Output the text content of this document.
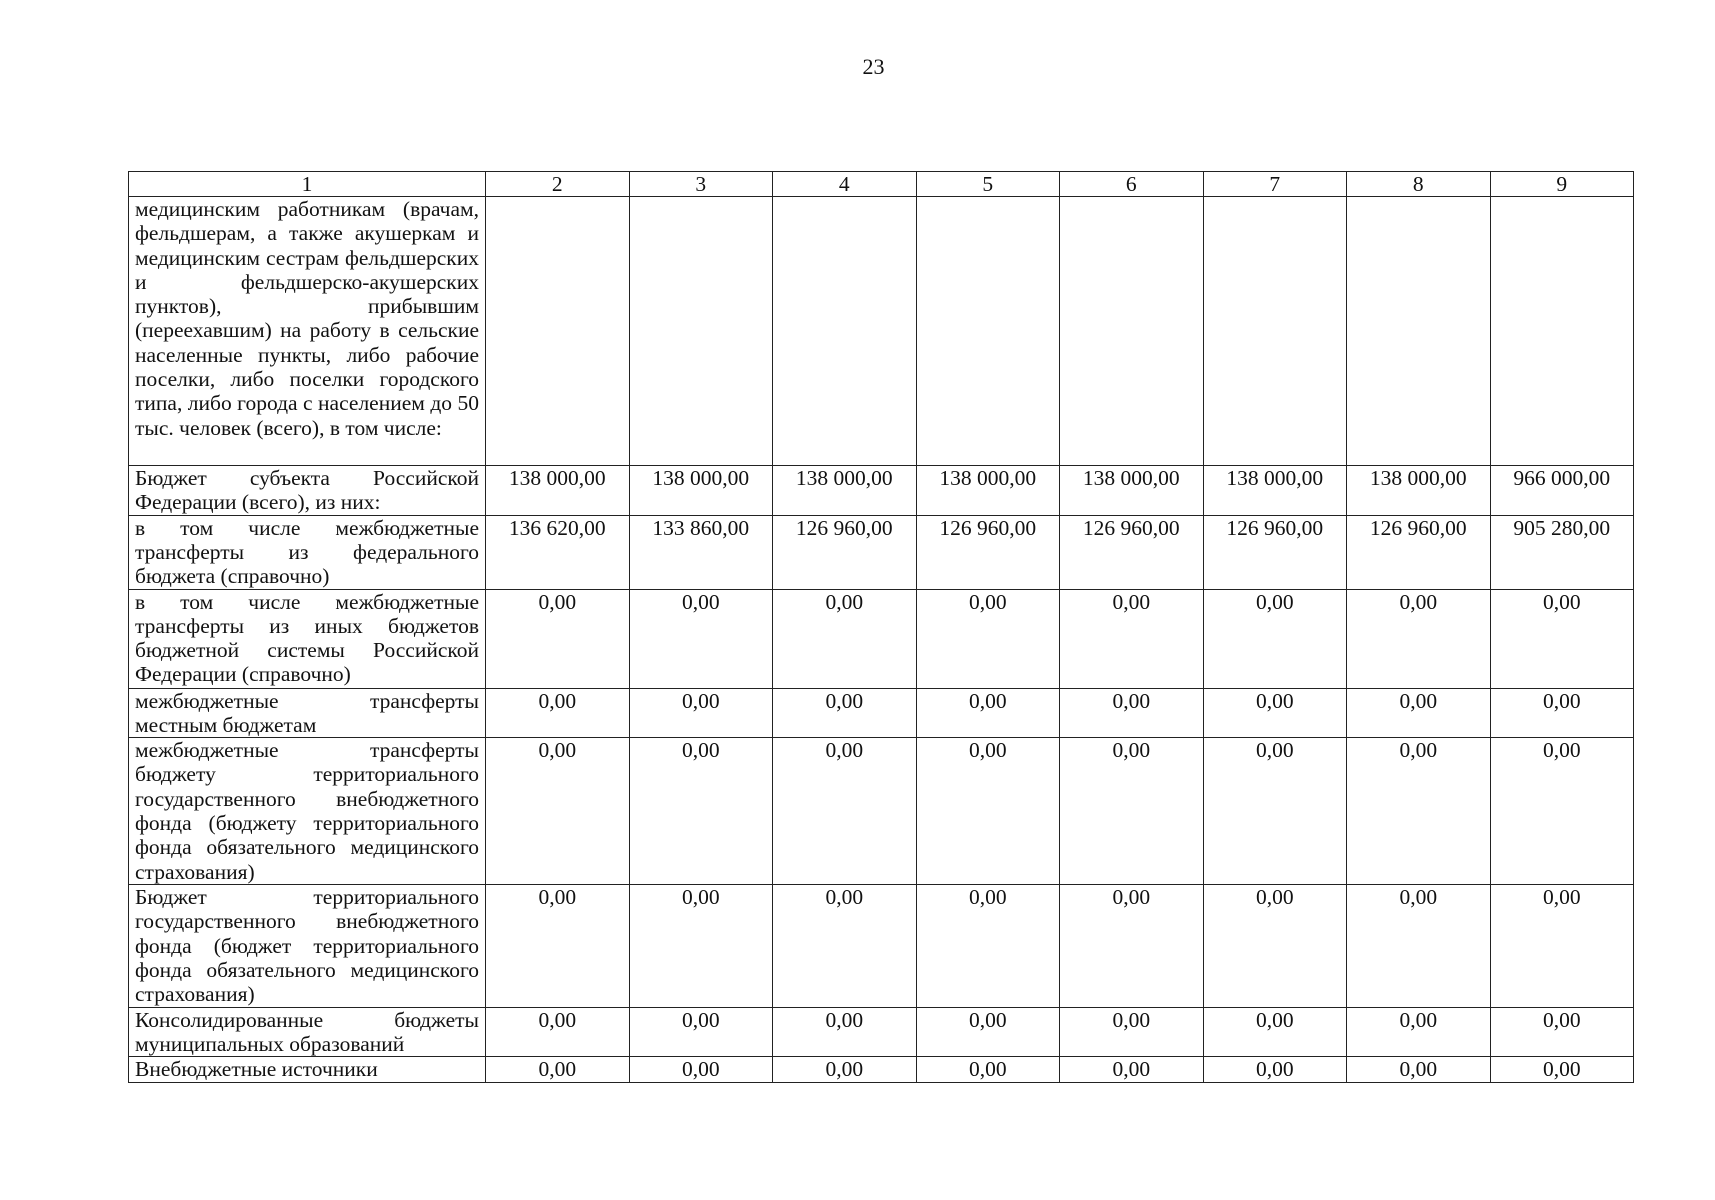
23
1	2	3	4	5	6	7	8	9
медицинским работникам (врачам, фельдшерам, а также акушеркам и медицинским сестрам фельдшерских и фельдшерско-акушерских пунктов), прибывшим (переехавшим) на работу в сельские населенные пункты, либо рабочие поселки, либо поселки городского типа, либо города с населением до 50 тыс. человек (всего), в том числе:								
Бюджет субъекта Российской Федерации (всего), из них:	138 000,00	138 000,00	138 000,00	138 000,00	138 000,00	138 000,00	138 000,00	966 000,00
в том числе межбюджетные трансферты из федерального бюджета (справочно)	136 620,00	133 860,00	126 960,00	126 960,00	126 960,00	126 960,00	126 960,00	905 280,00
в том числе межбюджетные трансферты из иных бюджетов бюджетной системы Российской Федерации (справочно)	0,00	0,00	0,00	0,00	0,00	0,00	0,00	0,00
межбюджетные трансферты местным бюджетам	0,00	0,00	0,00	0,00	0,00	0,00	0,00	0,00
межбюджетные трансферты бюджету территориального государственного внебюджетного фонда (бюджету территориального фонда обязательного медицинского страхования)	0,00	0,00	0,00	0,00	0,00	0,00	0,00	0,00
Бюджет территориального государственного внебюджетного фонда (бюджет территориального фонда обязательного медицинского страхования)	0,00	0,00	0,00	0,00	0,00	0,00	0,00	0,00
Консолидированные бюджеты муниципальных образований	0,00	0,00	0,00	0,00	0,00	0,00	0,00	0,00
Внебюджетные источники	0,00	0,00	0,00	0,00	0,00	0,00	0,00	0,00
